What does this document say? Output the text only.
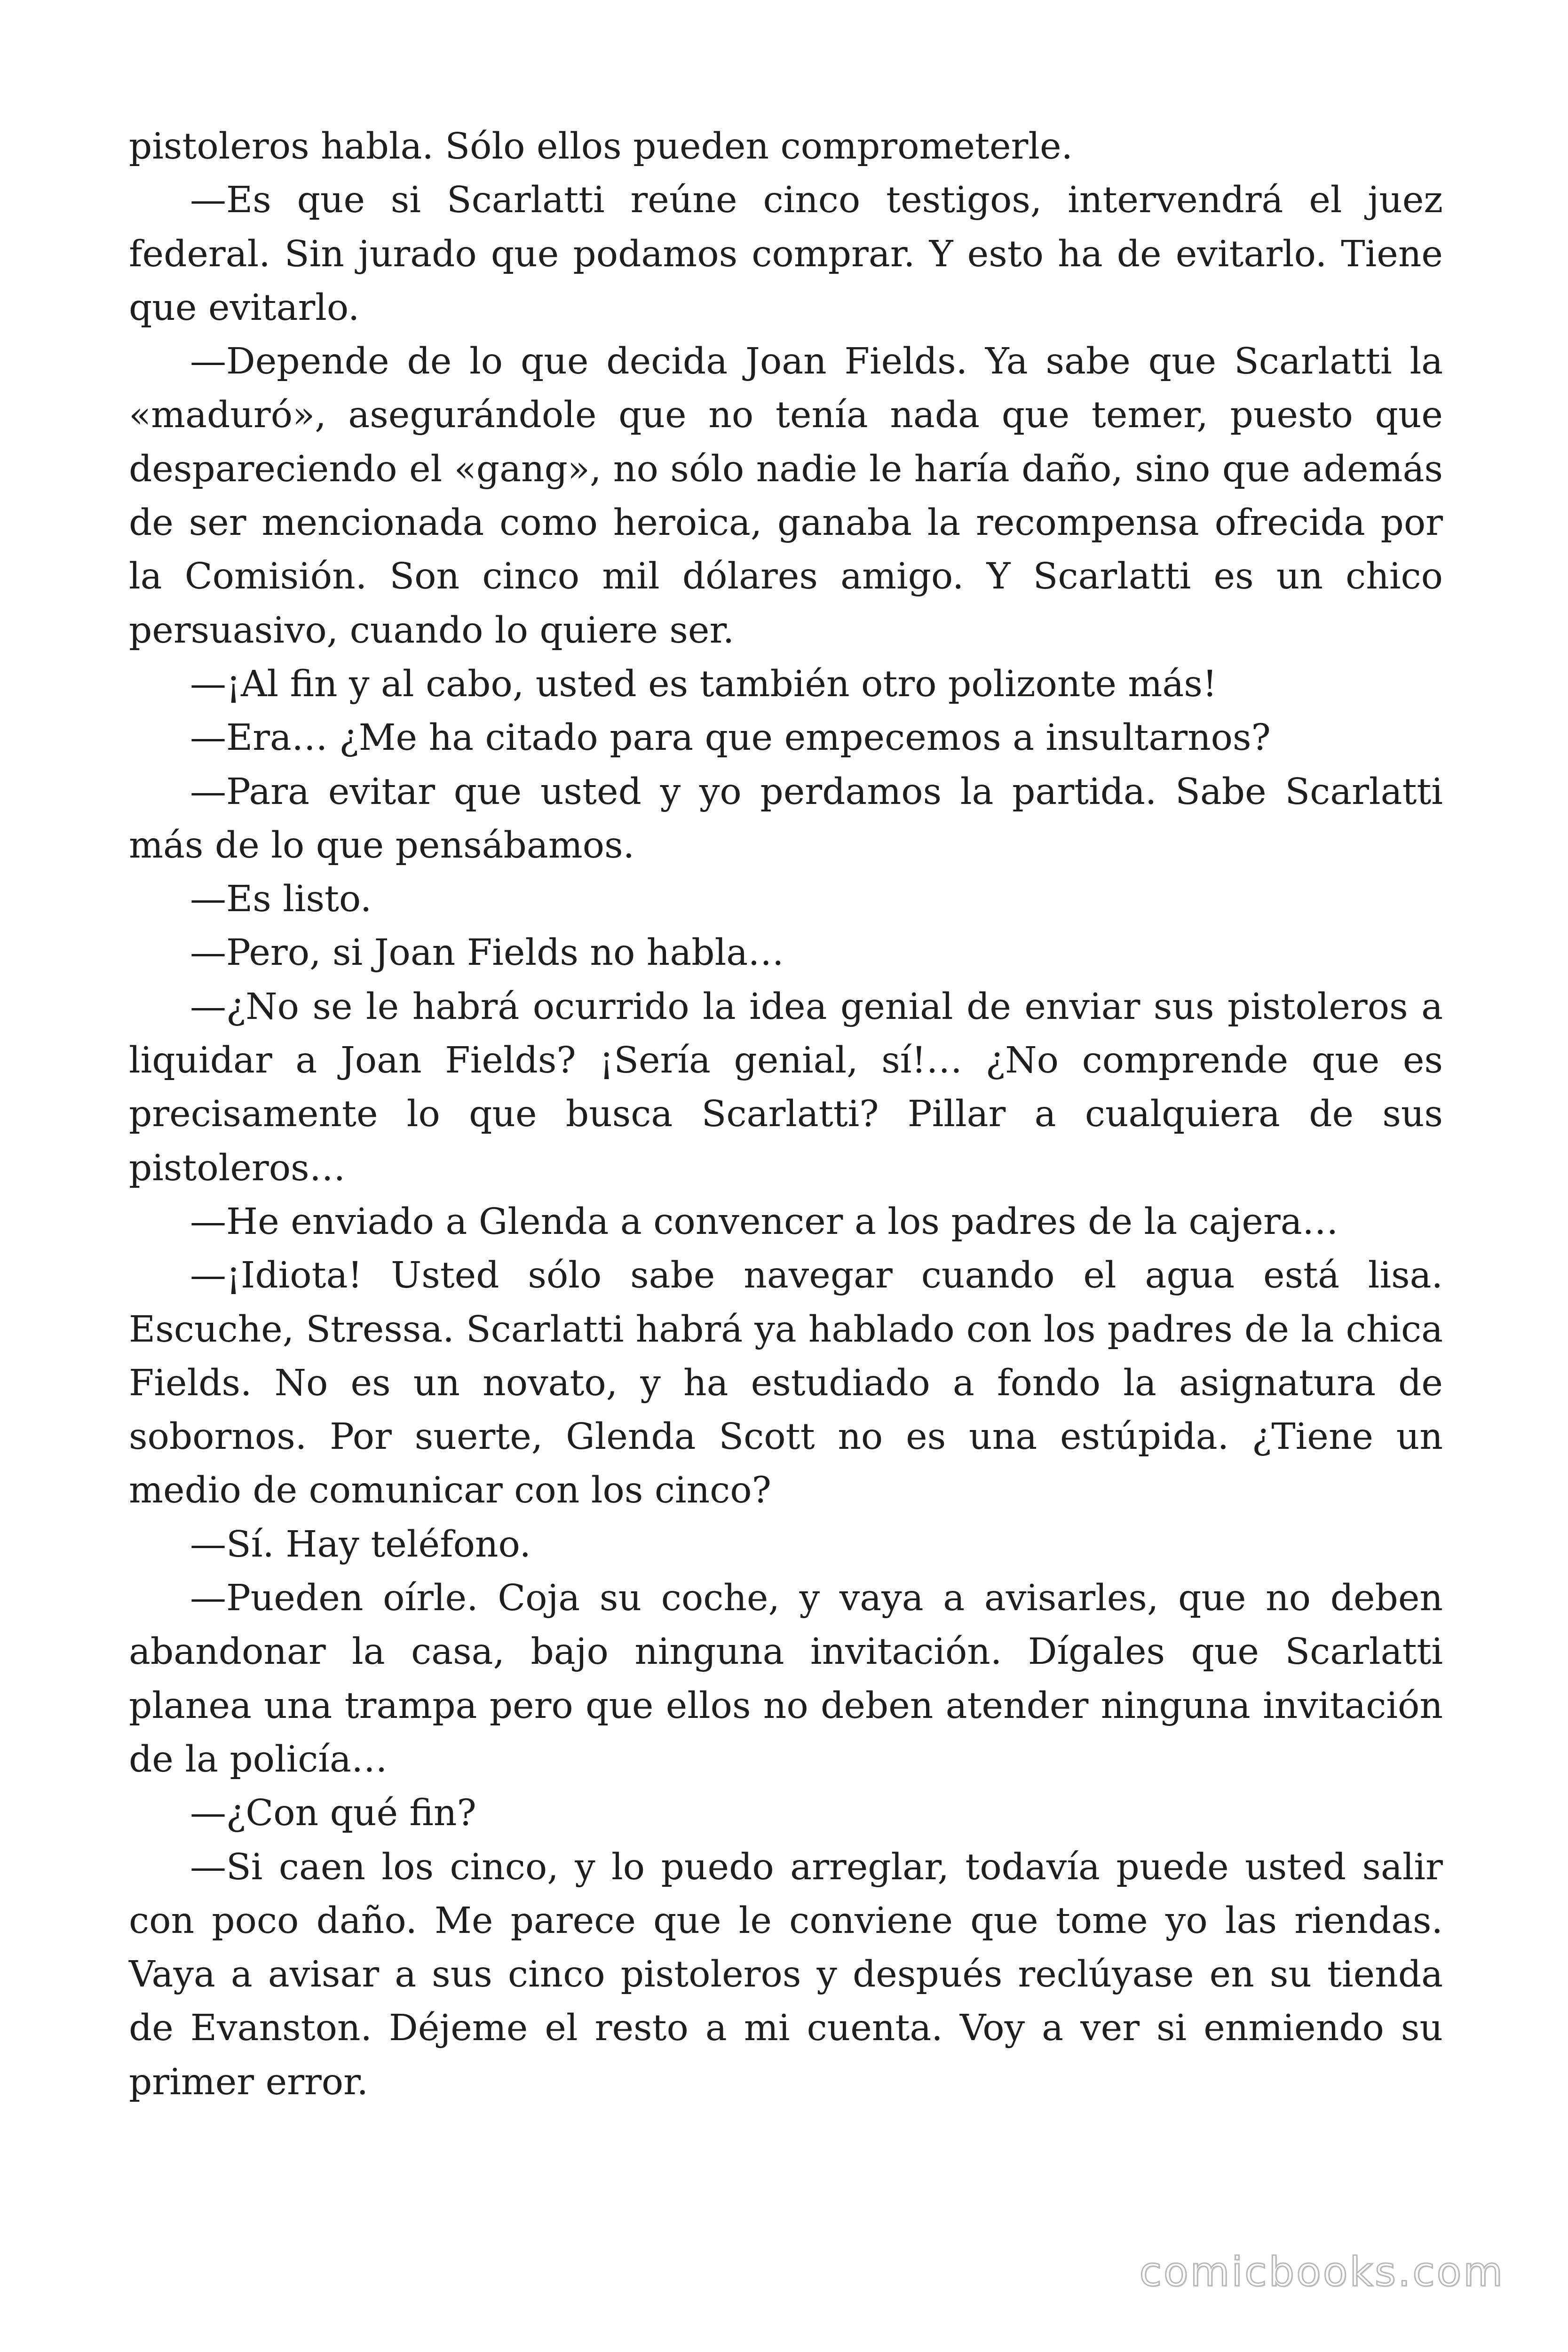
pistoleros habla. Sólo ellos pueden comprometerle.

—Es que si Scarlatti reúne cinco testigos, intervendrá el juez federal. Sin jurado que podamos comprar. Y esto ha de evitarlo. Tiene que evitarlo.

—Depende de lo que decida Joan Fields. Ya sabe que Scarlatti la «maduró», asegurándole que no tenía nada que temer, puesto que despareciendo el «gang», no sólo nadie le haría daño, sino que además de ser mencionada como heroica, ganaba la recompensa ofrecida por la Comisión. Son cinco mil dólares amigo. Y Scarlatti es un chico persuasivo, cuando lo quiere ser.

—¡Al fin y al cabo, usted es también otro polizonte más!

—Era… ¿Me ha citado para que empecemos a insultarnos?

—Para evitar que usted y yo perdamos la partida. Sabe Scarlatti más de lo que pensábamos.

—Es listo.

—Pero, si Joan Fields no habla…

—¿No se le habrá ocurrido la idea genial de enviar sus pistoleros a liquidar a Joan Fields? ¡Sería genial, sí!… ¿No comprende que es precisamente lo que busca Scarlatti? Pillar a cualquiera de sus pistoleros…

—He enviado a Glenda a convencer a los padres de la cajera…

—¡Idiota! Usted sólo sabe navegar cuando el agua está lisa. Escuche, Stressa. Scarlatti habrá ya hablado con los padres de la chica Fields. No es un novato, y ha estudiado a fondo la asignatura de sobornos. Por suerte, Glenda Scott no es una estúpida. ¿Tiene un medio de comunicar con los cinco?

—Sí. Hay teléfono.

—Pueden oírle. Coja su coche, y vaya a avisarles, que no deben abandonar la casa, bajo ninguna invitación. Dígales que Scarlatti planea una trampa pero que ellos no deben atender ninguna invitación de la policía…

—¿Con qué fin?

—Si caen los cinco, y lo puedo arreglar, todavía puede usted salir con poco daño. Me parece que le conviene que tome yo las riendas. Vaya a avisar a sus cinco pistoleros y después reclúyase en su tienda de Evanston. Déjeme el resto a mi cuenta. Voy a ver si enmiendo su primer error.

comicbooks.com
